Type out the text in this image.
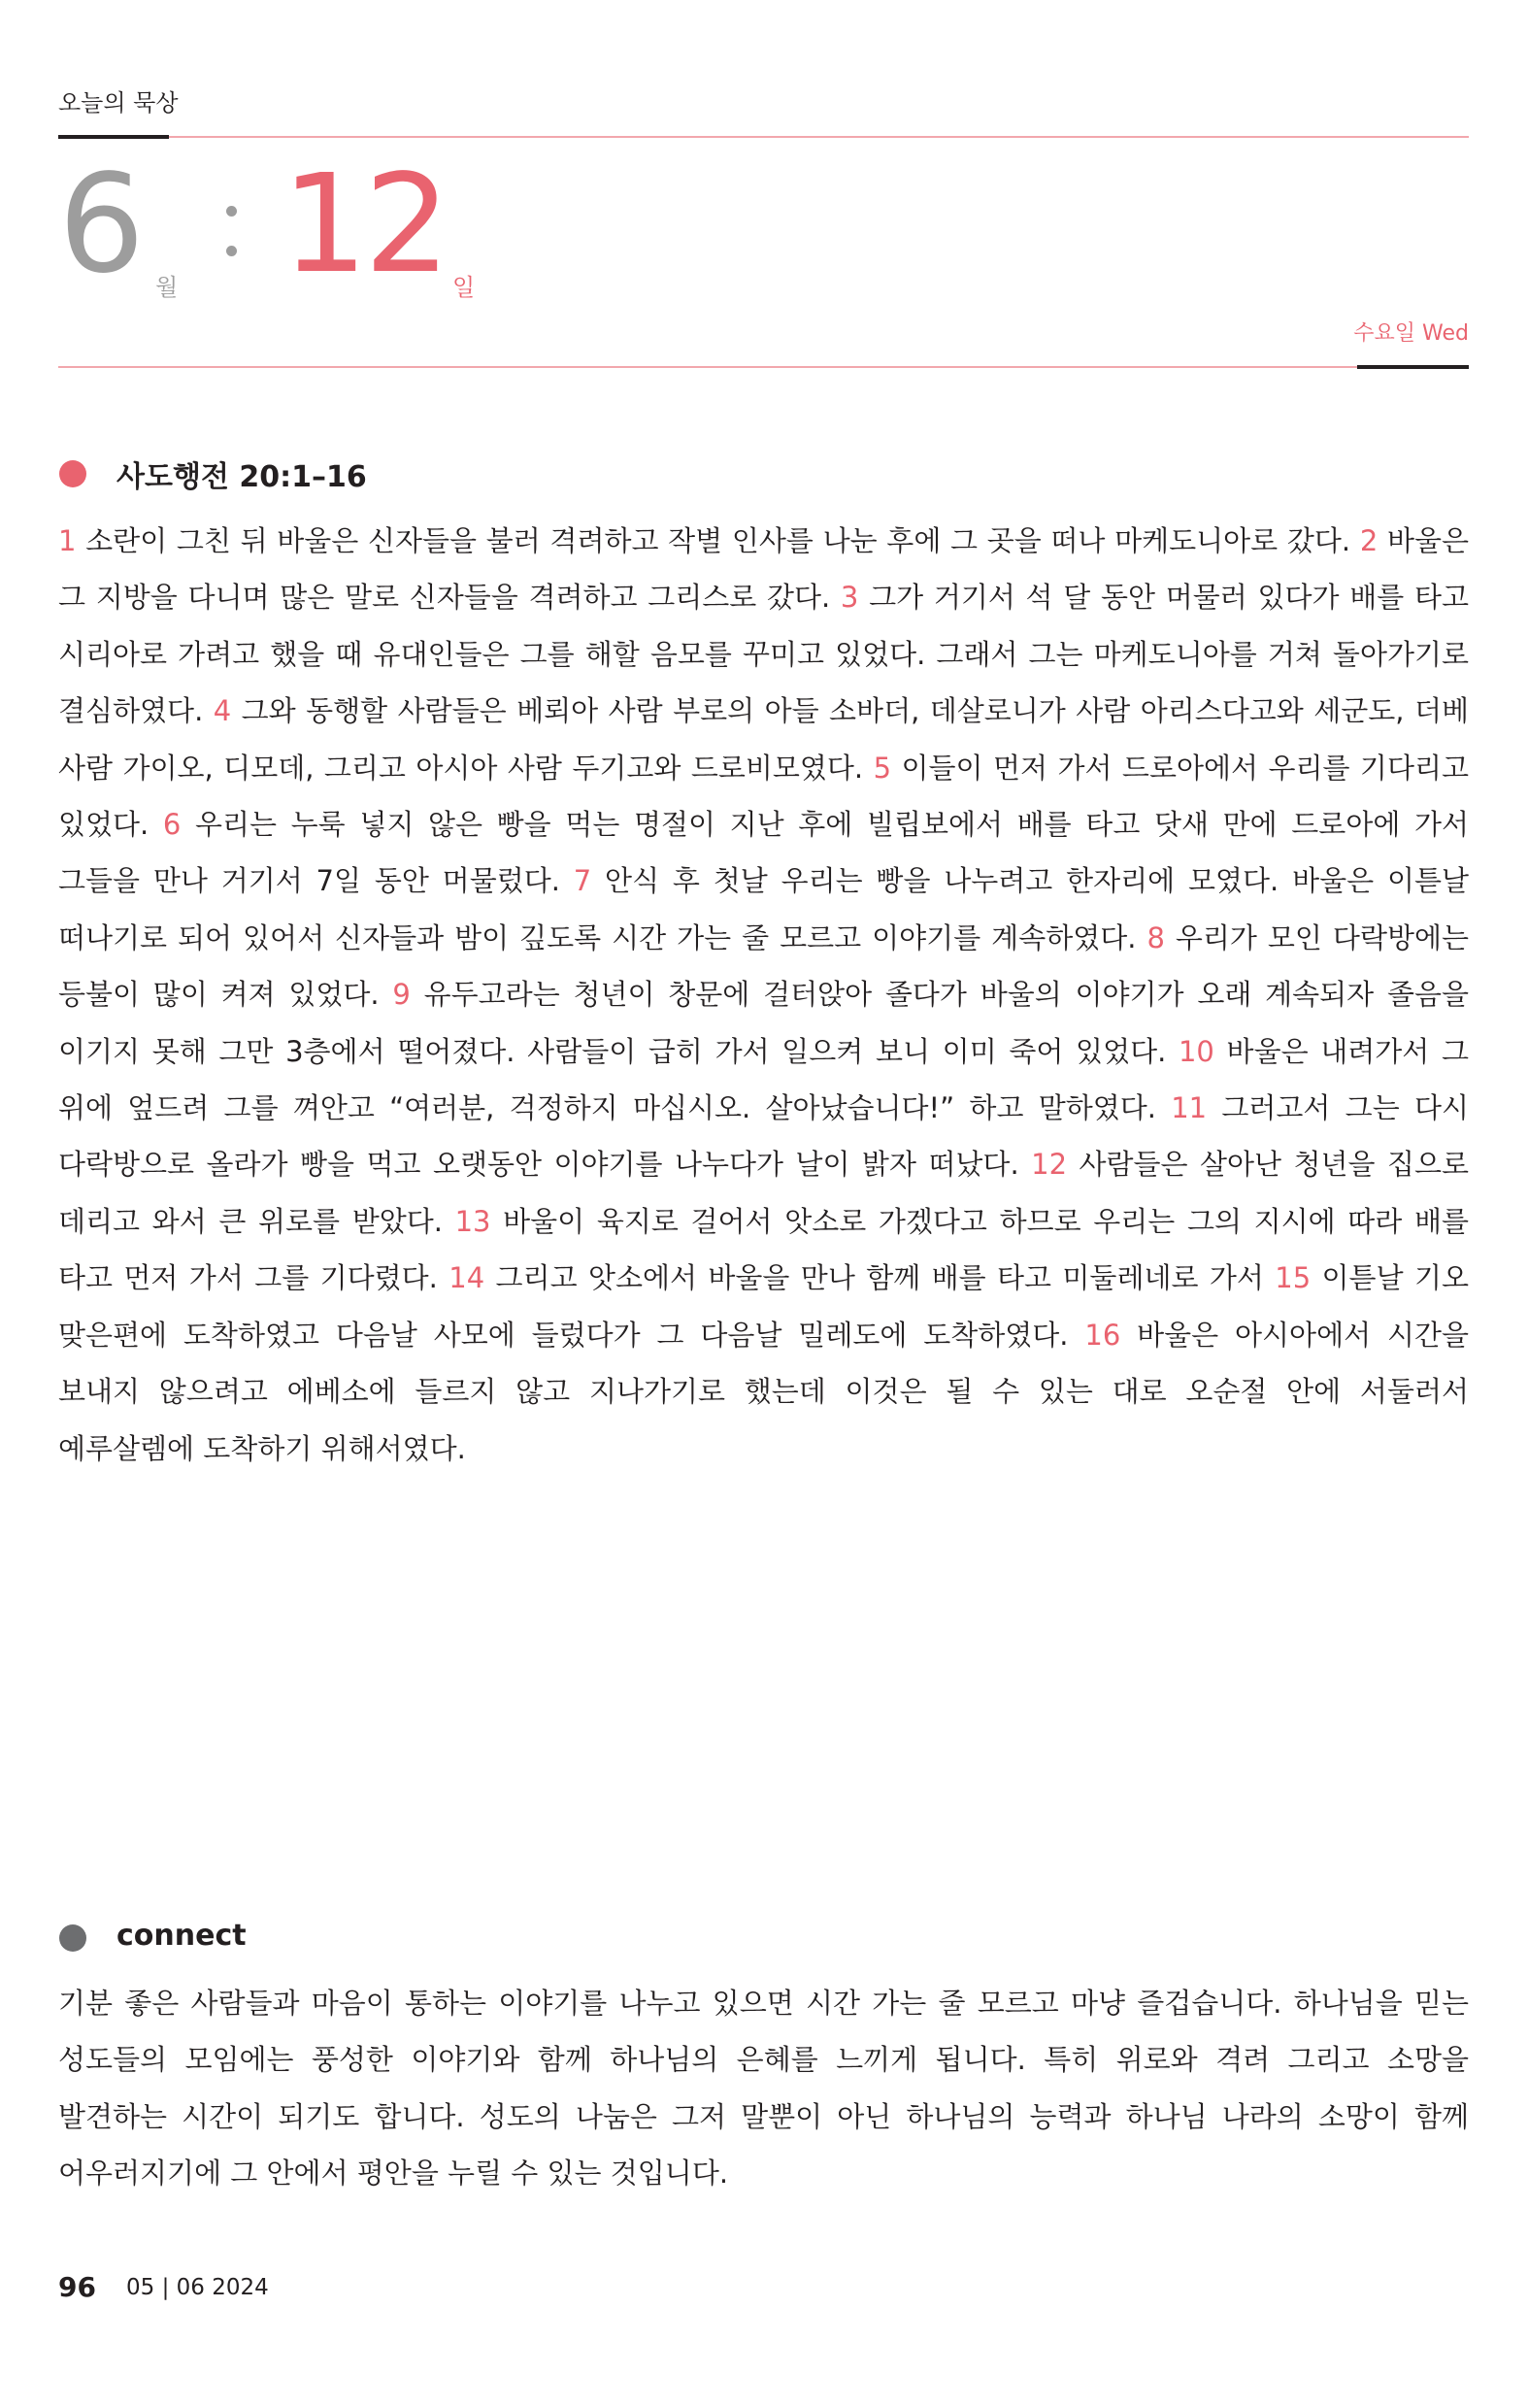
오늘의 묵상
6 월 12 일
수요일 Wed
사도행전 20:1–16

1 소란이 그친 뒤 바울은 신자들을 불러 격려하고 작별 인사를 나눈 후에 그 곳을 떠나 마케도니아로 갔다. 2 바울은 그 지방을 다니며 많은 말로 신자들을 격려하고 그리스로 갔다. 3 그가 거기서 석 달 동안 머물러 있다가 배를 타고 시리아로 가려고 했을 때 유대인들은 그를 해할 음모를 꾸미고 있었다. 그래서 그는 마케도니아를 거쳐 돌아가기로 결심하였다. 4 그와 동행할 사람들은 베뢰아 사람 부로의 아들 소바더, 데살로니가 사람 아리스다고와 세군도, 더베 사람 가이오, 디모데, 그리고 아시아 사람 두기고와 드로비모였다. 5 이들이 먼저 가서 드로아에서 우리를 기다리고 있었다. 6 우리는 누룩 넣지 않은 빵을 먹는 명절이 지난 후에 빌립보에서 배를 타고 닷새 만에 드로아에 가서 그들을 만나 거기서 7일 동안 머물렀다. 7 안식 후 첫날 우리는 빵을 나누려고 한자리에 모였다. 바울은 이튿날 떠나기로 되어 있어서 신자들과 밤이 깊도록 시간 가는 줄 모르고 이야기를 계속하였다. 8 우리가 모인 다락방에는 등불이 많이 켜져 있었다. 9 유두고라는 청년이 창문에 걸터앉아 졸다가 바울의 이야기가 오래 계속되자 졸음을 이기지 못해 그만 3층에서 떨어졌다. 사람들이 급히 가서 일으켜 보니 이미 죽어 있었다. 10 바울은 내려가서 그 위에 엎드려 그를 껴안고 “여러분, 걱정하지 마십시오. 살아났습니다!” 하고 말하였다. 11 그러고서 그는 다시 다락방으로 올라가 빵을 먹고 오랫동안 이야기를 나누다가 날이 밝자 떠났다. 12 사람들은 살아난 청년을 집으로 데리고 와서 큰 위로를 받았다. 13 바울이 육지로 걸어서 앗소로 가겠다고 하므로 우리는 그의 지시에 따라 배를 타고 먼저 가서 그를 기다렸다. 14 그리고 앗소에서 바울을 만나 함께 배를 타고 미둘레네로 가서 15 이튿날 기오 맞은편에 도착하였고 다음날 사모에 들렀다가 그 다음날 밀레도에 도착하였다. 16 바울은 아시아에서 시간을 보내지 않으려고 에베소에 들르지 않고 지나가기로 했는데 이것은 될 수 있는 대로 오순절 안에 서둘러서 예루살렘에 도착하기 위해서였다.

connect

기분 좋은 사람들과 마음이 통하는 이야기를 나누고 있으면 시간 가는 줄 모르고 마냥 즐겁습니다. 하나님을 믿는 성도들의 모임에는 풍성한 이야기와 함께 하나님의 은혜를 느끼게 됩니다. 특히 위로와 격려 그리고 소망을 발견하는 시간이 되기도 합니다. 성도의 나눔은 그저 말뿐이 아닌 하나님의 능력과 하나님 나라의 소망이 함께 어우러지기에 그 안에서 평안을 누릴 수 있는 것입니다.

96 05 | 06 2024
